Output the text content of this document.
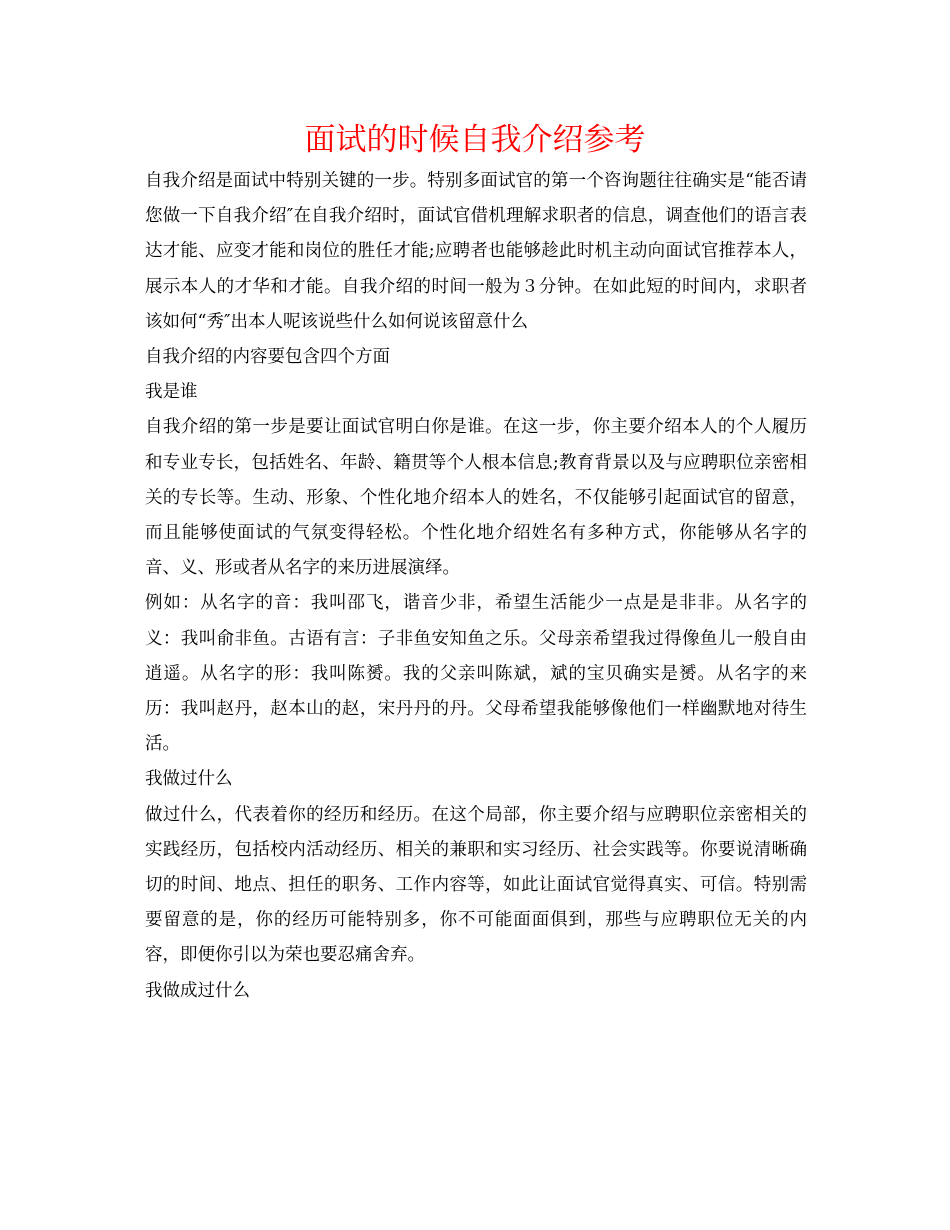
面试的时候自我介绍参考

自我介绍是面试中特别关键的一步。特别多面试官的第一个咨询题往往确实是“能否请您做一下自我介绍″在自我介绍时，面试官借机理解求职者的信息，调查他们的语言表达才能、应变才能和岗位的胜任才能;应聘者也能够趁此时机主动向面试官推荐本人，展示本人的才华和才能。自我介绍的时间一般为３分钟。在如此短的时间内，求职者该如何“秀″出本人呢该说些什么如何说该留意什么

自我介绍的内容要包含四个方面

我是谁

自我介绍的第一步是要让面试官明白你是谁。在这一步，你主要介绍本人的个人履历和专业专长，包括姓名、年龄、籍贯等个人根本信息;教育背景以及与应聘职位亲密相关的专长等。生动、形象、个性化地介绍本人的姓名，不仅能够引起面试官的留意，而且能够使面试的气氛变得轻松。个性化地介绍姓名有多种方式，你能够从名字的音、义、形或者从名字的来历进展演绎。

例如：从名字的音：我叫邵飞，谐音少非，希望生活能少一点是是非非。从名字的义：我叫俞非鱼。古语有言：子非鱼安知鱼之乐。父母亲希望我过得像鱼儿一般自由逍遥。从名字的形：我叫陈赟。我的父亲叫陈斌，斌的宝贝确实是赟。从名字的来历：我叫赵丹，赵本山的赵，宋丹丹的丹。父母希望我能够像他们一样幽默地对待生活。

我做过什么

做过什么，代表着你的经历和经历。在这个局部，你主要介绍与应聘职位亲密相关的实践经历，包括校内活动经历、相关的兼职和实习经历、社会实践等。你要说清晰确切的时间、地点、担任的职务、工作内容等，如此让面试官觉得真实、可信。特别需要留意的是，你的经历可能特别多，你不可能面面俱到，那些与应聘职位无关的内容，即便你引以为荣也要忍痛舍弃。

我做成过什么
